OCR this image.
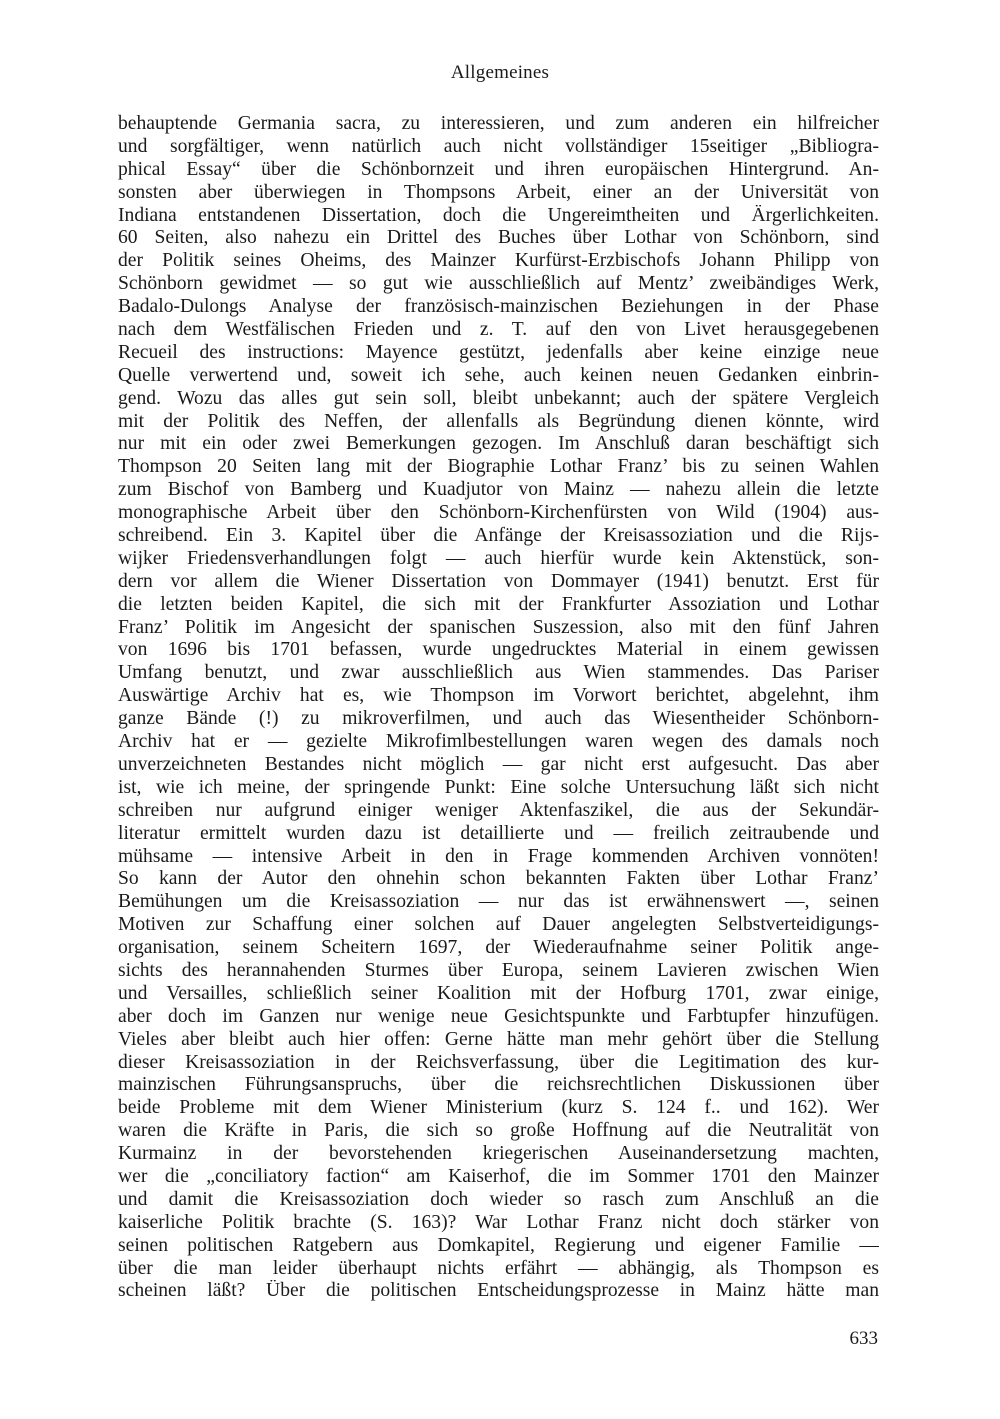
Allgemeines
behauptende Germania sacra, zu interessieren, und zum anderen ein hilfreicher
und sorgfältiger, wenn natürlich auch nicht vollständiger 15seitiger „Bibliogra-
phical Essay“ über die Schönbornzeit und ihren europäischen Hintergrund. An-
sonsten aber überwiegen in Thompsons Arbeit, einer an der Universität von
Indiana entstandenen Dissertation, doch die Ungereimtheiten und Ärgerlichkeiten.
60 Seiten, also nahezu ein Drittel des Buches über Lothar von Schönborn, sind
der Politik seines Oheims, des Mainzer Kurfürst-Erzbischofs Johann Philipp von
Schönborn gewidmet — so gut wie ausschließlich auf Mentz’ zweibändiges Werk,
Badalo-Dulongs Analyse der französisch-mainzischen Beziehungen in der Phase
nach dem Westfälischen Frieden und z. T. auf den von Livet herausgegebenen
Recueil des instructions: Mayence gestützt, jedenfalls aber keine einzige neue
Quelle verwertend und, soweit ich sehe, auch keinen neuen Gedanken einbrin-
gend. Wozu das alles gut sein soll, bleibt unbekannt; auch der spätere Vergleich
mit der Politik des Neffen, der allenfalls als Begründung dienen könnte, wird
nur mit ein oder zwei Bemerkungen gezogen. Im Anschluß daran beschäftigt sich
Thompson 20 Seiten lang mit der Biographie Lothar Franz’ bis zu seinen Wahlen
zum Bischof von Bamberg und Kuadjutor von Mainz — nahezu allein die letzte
monographische Arbeit über den Schönborn-Kirchenfürsten von Wild (1904) aus-
schreibend. Ein 3. Kapitel über die Anfänge der Kreisassoziation und die Rijs-
wijker Friedensverhandlungen folgt — auch hierfür wurde kein Aktenstück, son-
dern vor allem die Wiener Dissertation von Dommayer (1941) benutzt. Erst für
die letzten beiden Kapitel, die sich mit der Frankfurter Assoziation und Lothar
Franz’ Politik im Angesicht der spanischen Suszession, also mit den fünf Jahren
von 1696 bis 1701 befassen, wurde ungedrucktes Material in einem gewissen
Umfang benutzt, und zwar ausschließlich aus Wien stammendes. Das Pariser
Auswärtige Archiv hat es, wie Thompson im Vorwort berichtet, abgelehnt, ihm
ganze Bände (!) zu mikroverfilmen, und auch das Wiesentheider Schönborn-
Archiv hat er — gezielte Mikrofimlbestellungen waren wegen des damals noch
unverzeichneten Bestandes nicht möglich — gar nicht erst aufgesucht. Das aber
ist, wie ich meine, der springende Punkt: Eine solche Untersuchung läßt sich nicht
schreiben nur aufgrund einiger weniger Aktenfaszikel, die aus der Sekundär-
literatur ermittelt wurden dazu ist detaillierte und — freilich zeitraubende und
mühsame — intensive Arbeit in den in Frage kommenden Archiven vonnöten!
So kann der Autor den ohnehin schon bekannten Fakten über Lothar Franz’
Bemühungen um die Kreisassoziation — nur das ist erwähnenswert —, seinen
Motiven zur Schaffung einer solchen auf Dauer angelegten Selbstverteidigungs-
organisation, seinem Scheitern 1697, der Wiederaufnahme seiner Politik ange-
sichts des herannahenden Sturmes über Europa, seinem Lavieren zwischen Wien
und Versailles, schließlich seiner Koalition mit der Hofburg 1701, zwar einige,
aber doch im Ganzen nur wenige neue Gesichtspunkte und Farbtupfer hinzufügen.
Vieles aber bleibt auch hier offen: Gerne hätte man mehr gehört über die Stellung
dieser Kreisassoziation in der Reichsverfassung, über die Legitimation des kur-
mainzischen Führungsanspruchs, über die reichsrechtlichen Diskussionen über
beide Probleme mit dem Wiener Ministerium (kurz S. 124 f.. und 162). Wer
waren die Kräfte in Paris, die sich so große Hoffnung auf die Neutralität von
Kurmainz in der bevorstehenden kriegerischen Auseinandersetzung machten,
wer die „conciliatory faction“ am Kaiserhof, die im Sommer 1701 den Mainzer
und damit die Kreisassoziation doch wieder so rasch zum Anschluß an die
kaiserliche Politik brachte (S. 163)? War Lothar Franz nicht doch stärker von
seinen politischen Ratgebern aus Domkapitel, Regierung und eigener Familie —
über die man leider überhaupt nichts erfährt — abhängig, als Thompson es
scheinen läßt? Über die politischen Entscheidungsprozesse in Mainz hätte man
633
